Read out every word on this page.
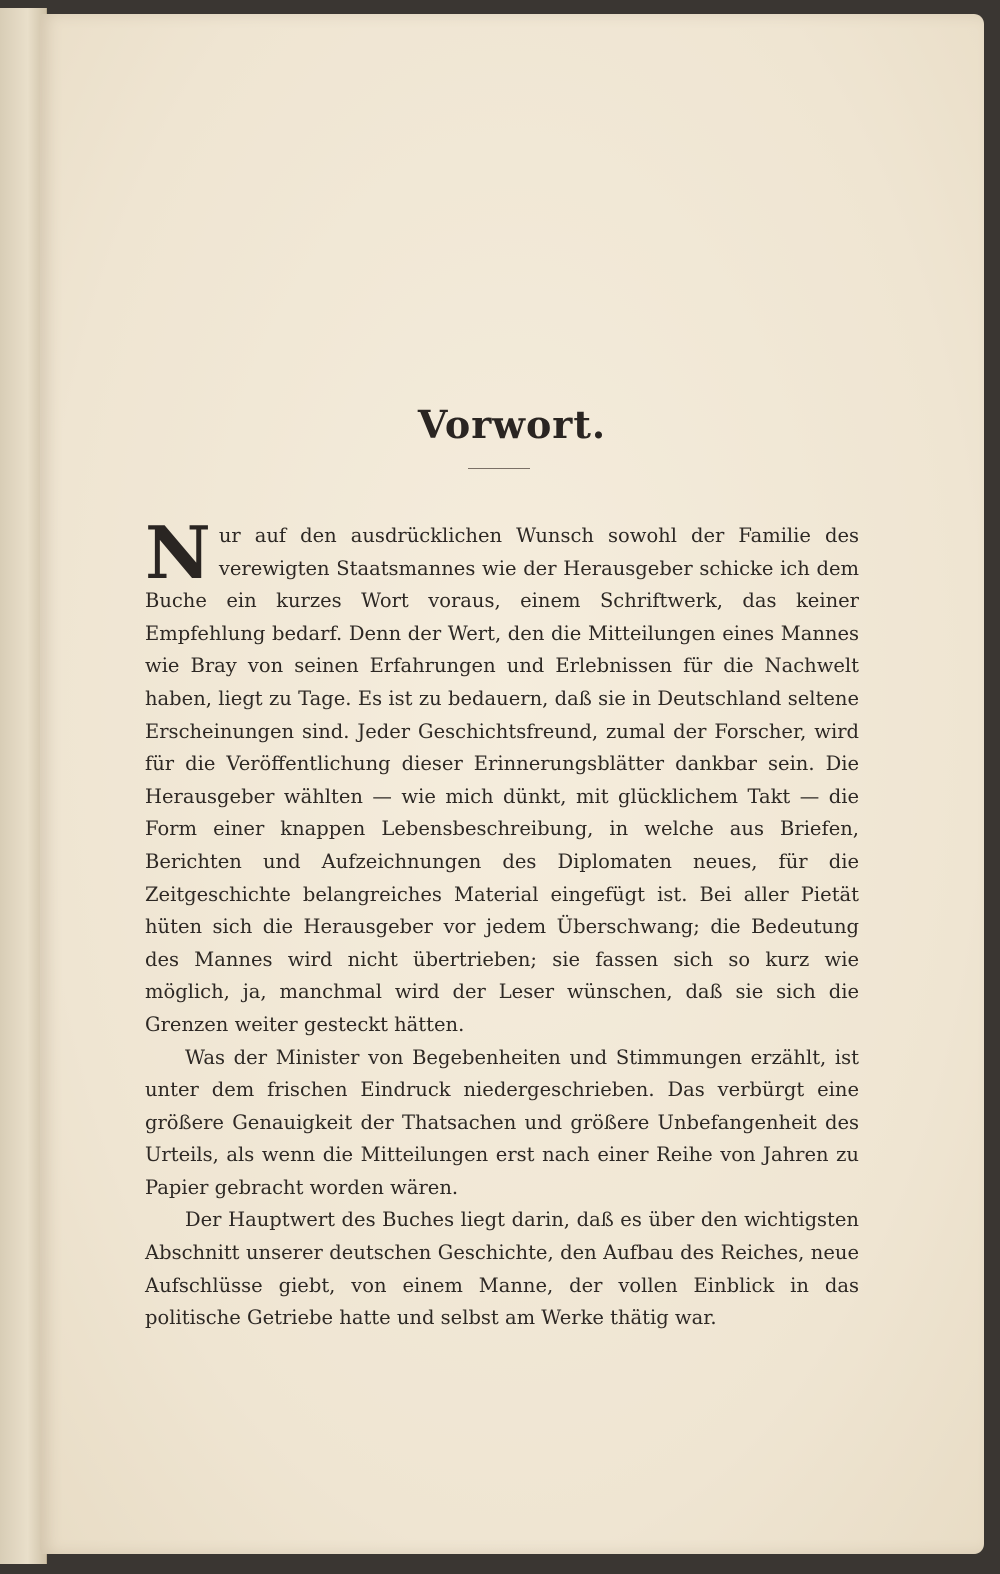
Vorwort.

Nur auf den ausdrücklichen Wunsch sowohl der Familie des verewigten Staatsmannes wie der Herausgeber schicke ich dem Buche ein kurzes Wort voraus, einem Schriftwerk, das keiner Empfehlung bedarf. Denn der Wert, den die Mitteilungen eines Mannes wie Bray von seinen Erfahrungen und Erlebnissen für die Nachwelt haben, liegt zu Tage. Es ist zu bedauern, daß sie in Deutschland seltene Erscheinungen sind. Jeder Geschichtsfreund, zumal der Forscher, wird für die Veröffentlichung dieser Erinnerungsblätter dankbar sein. Die Herausgeber wählten — wie mich dünkt, mit glücklichem Takt — die Form einer knappen Lebensbeschreibung, in welche aus Briefen, Berichten und Aufzeichnungen des Diplomaten neues, für die Zeitgeschichte belangreiches Material eingefügt ist. Bei aller Pietät hüten sich die Herausgeber vor jedem Überschwang; die Bedeutung des Mannes wird nicht übertrieben; sie fassen sich so kurz wie möglich, ja, manchmal wird der Leser wünschen, daß sie sich die Grenzen weiter gesteckt hätten.

Was der Minister von Begebenheiten und Stimmungen erzählt, ist unter dem frischen Eindruck niedergeschrieben. Das verbürgt eine größere Genauigkeit der Thatsachen und größere Unbefangenheit des Urteils, als wenn die Mitteilungen erst nach einer Reihe von Jahren zu Papier gebracht worden wären.

Der Hauptwert des Buches liegt darin, daß es über den wichtigsten Abschnitt unserer deutschen Geschichte, den Aufbau des Reiches, neue Aufschlüsse giebt, von einem Manne, der vollen Einblick in das politische Getriebe hatte und selbst am Werke thätig war.
